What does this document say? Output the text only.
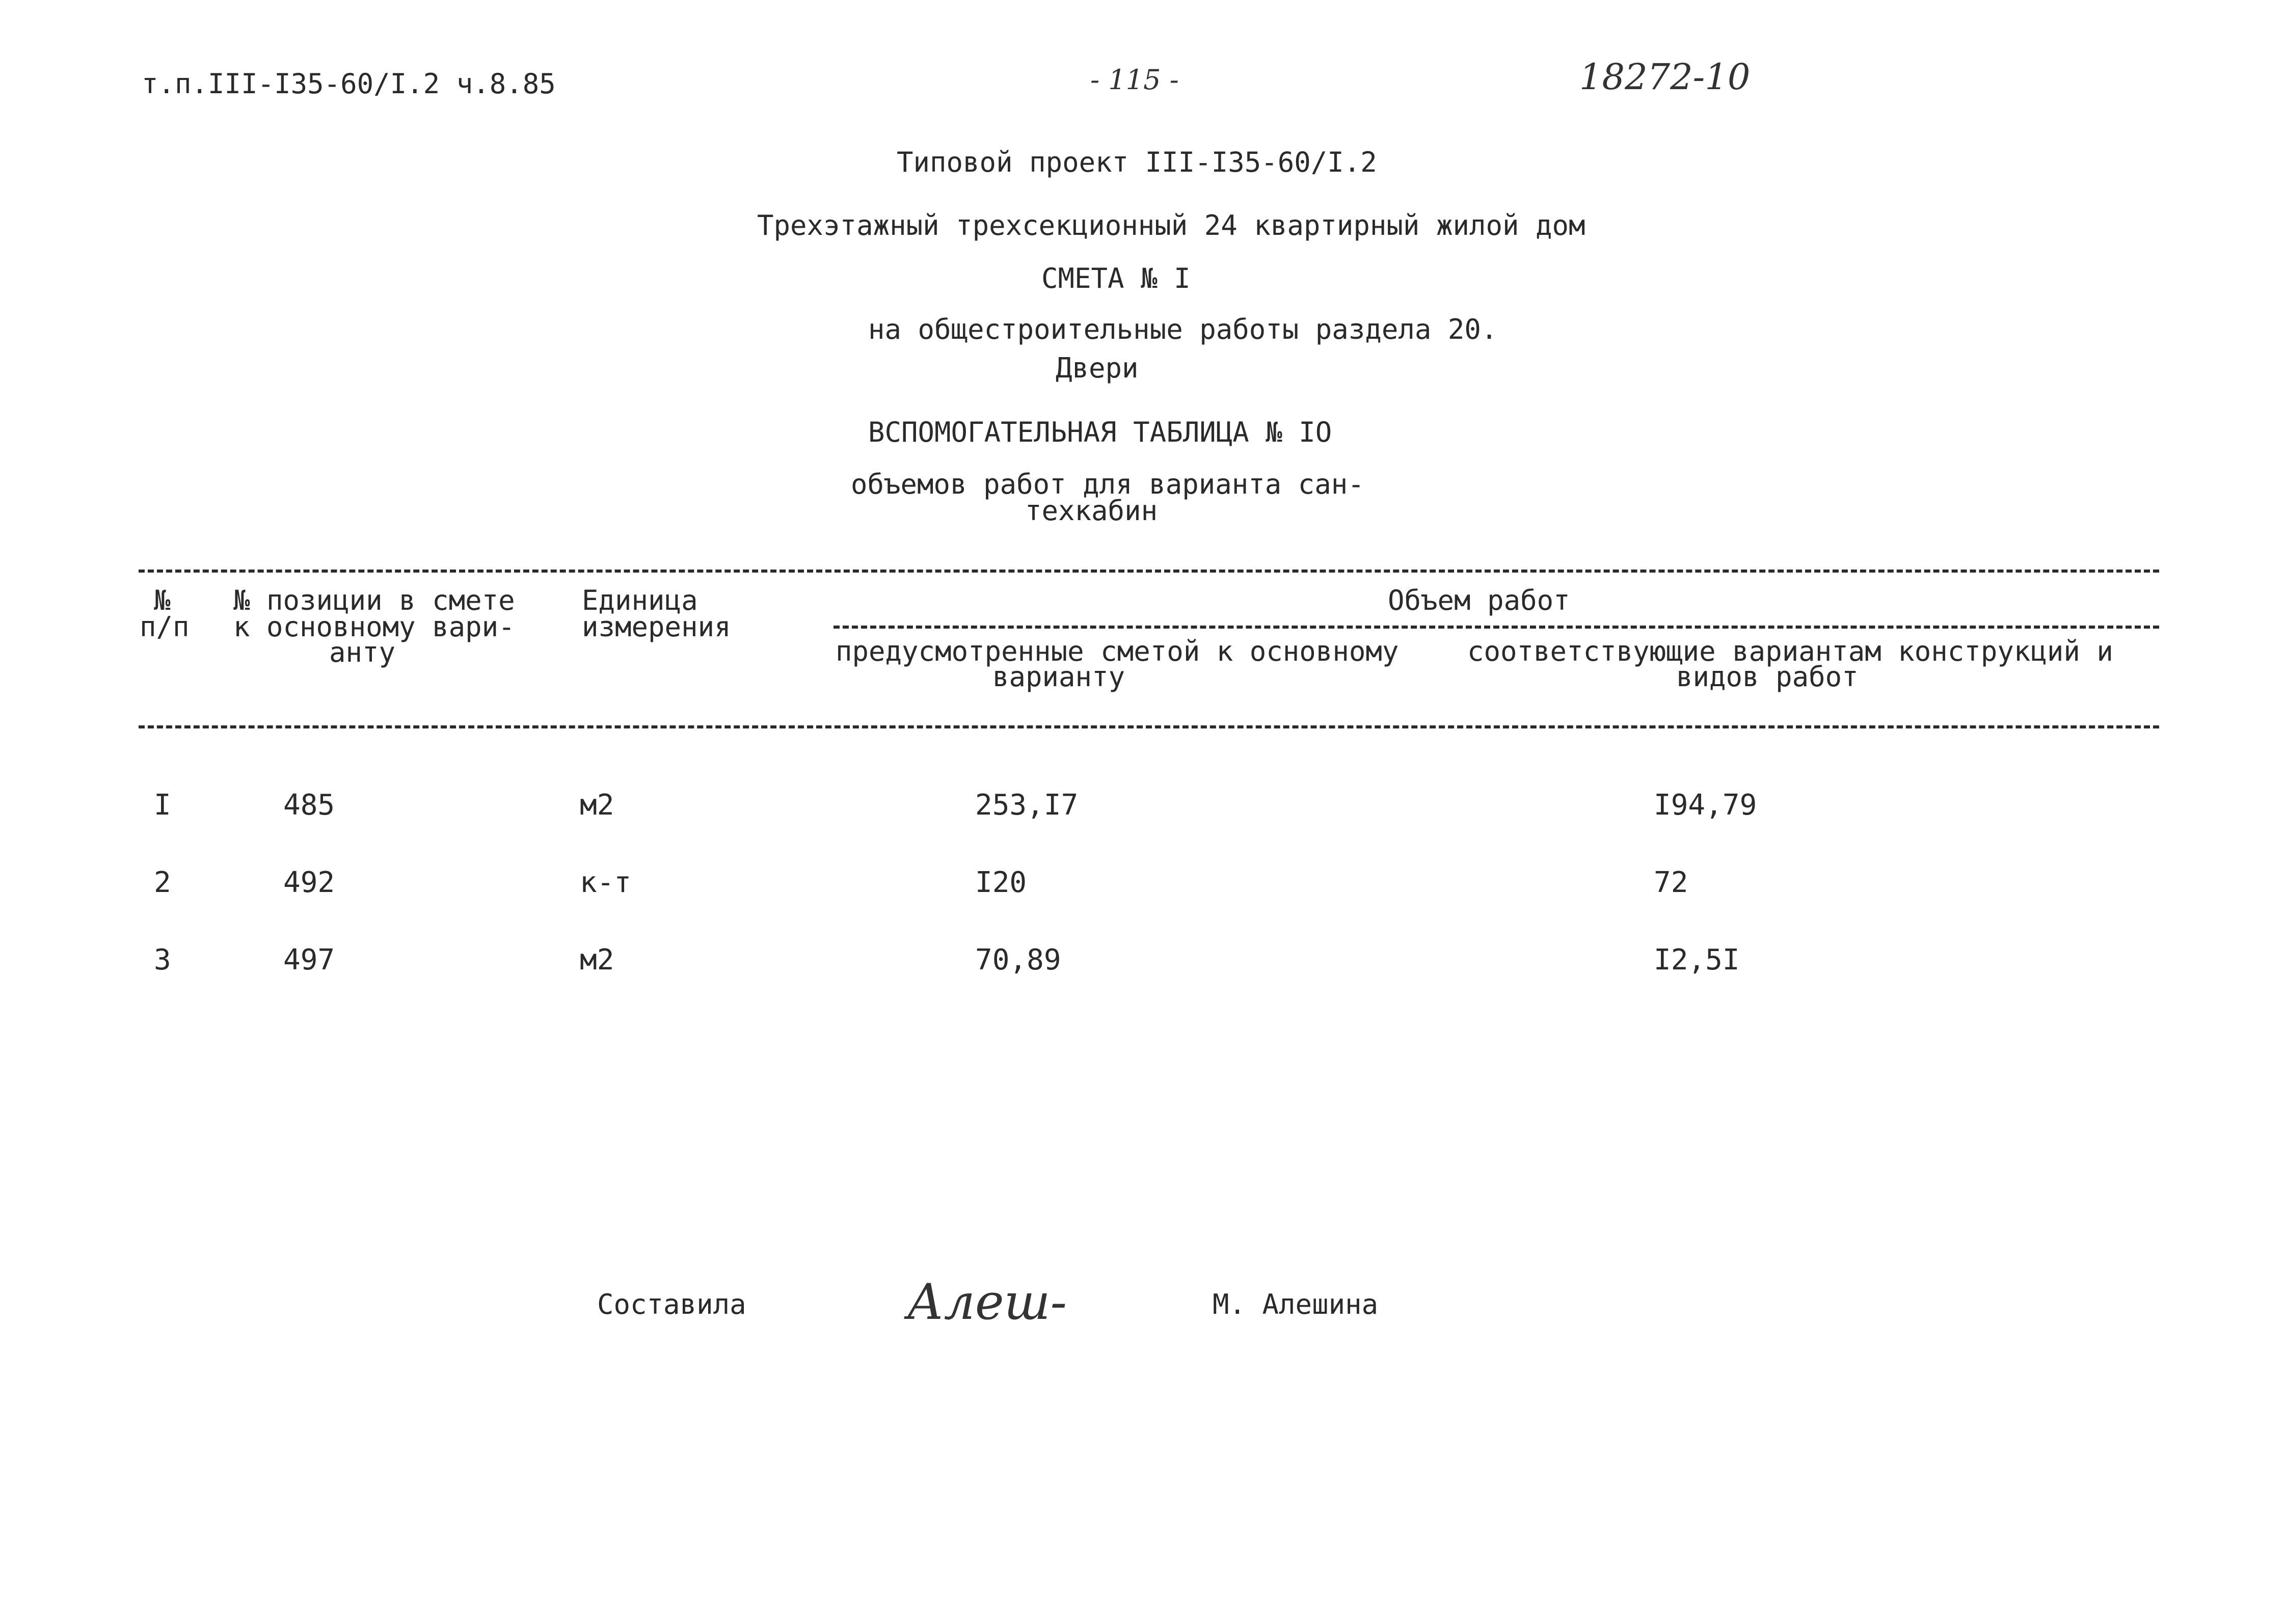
т.п.III-I35-60/I.2 ч.8.85	- 115 -	18272-10
Типовой проект III-I35-60/I.2
Трехэтажный трехсекционный 24 квартирный жилой дом
СМЕТА № I
на общестроительные работы раздела 20.
Двери
ВСПОМОГАТЕЛЬНАЯ ТАБЛИЦА № IO
объемов работ для варианта сан-
техкабин
№
п/п
№ позиции в смете
к основному вари-
анту
Единица
измерения
Объем работ
предусмотренные сметой к основному
варианту
соответствующие вариантам конструкций и
видов работ
I	485	м2	253,I7	I94,79
2	492	к-т	I20	72
3	497	м2	70,89	I2,5I
Составила	Алеш-	М. Алешина
